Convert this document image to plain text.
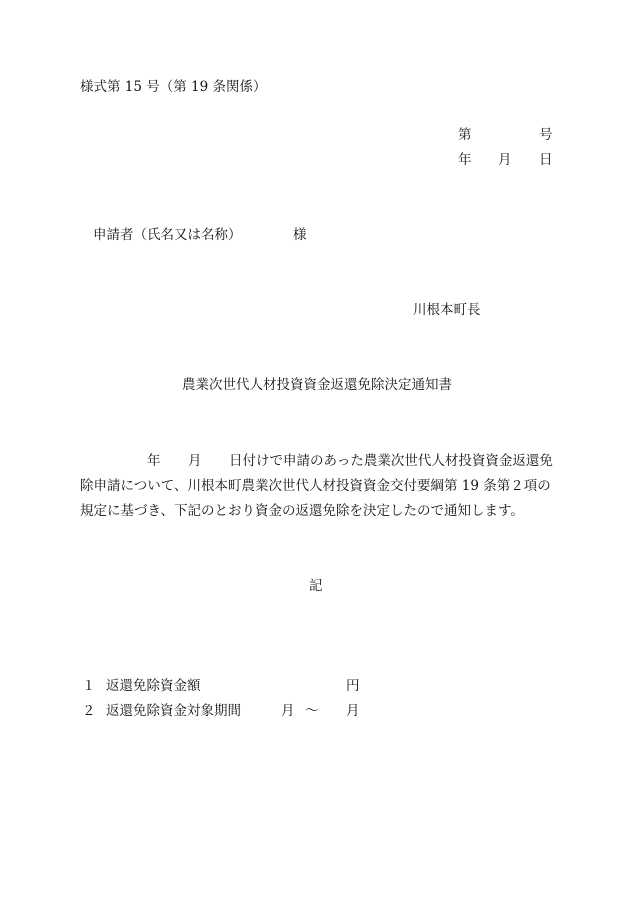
様式第 15 号（第 19 条関係）
第	号
年 月 日
申請者（氏名又は名称）	様
川根本町長
農業次世代人材投資資金返還免除決定通知書
年 月 日付けで申請のあった農業次世代人材投資資金返還免
除申請について、川根本町農業次世代人材投資資金交付要綱第 19 条第２項の
規定に基づき、下記のとおり資金の返還免除を決定したので通知します。
記
１ 返還免除資金額	円
２ 返還免除資金対象期間	月 ～ 月
